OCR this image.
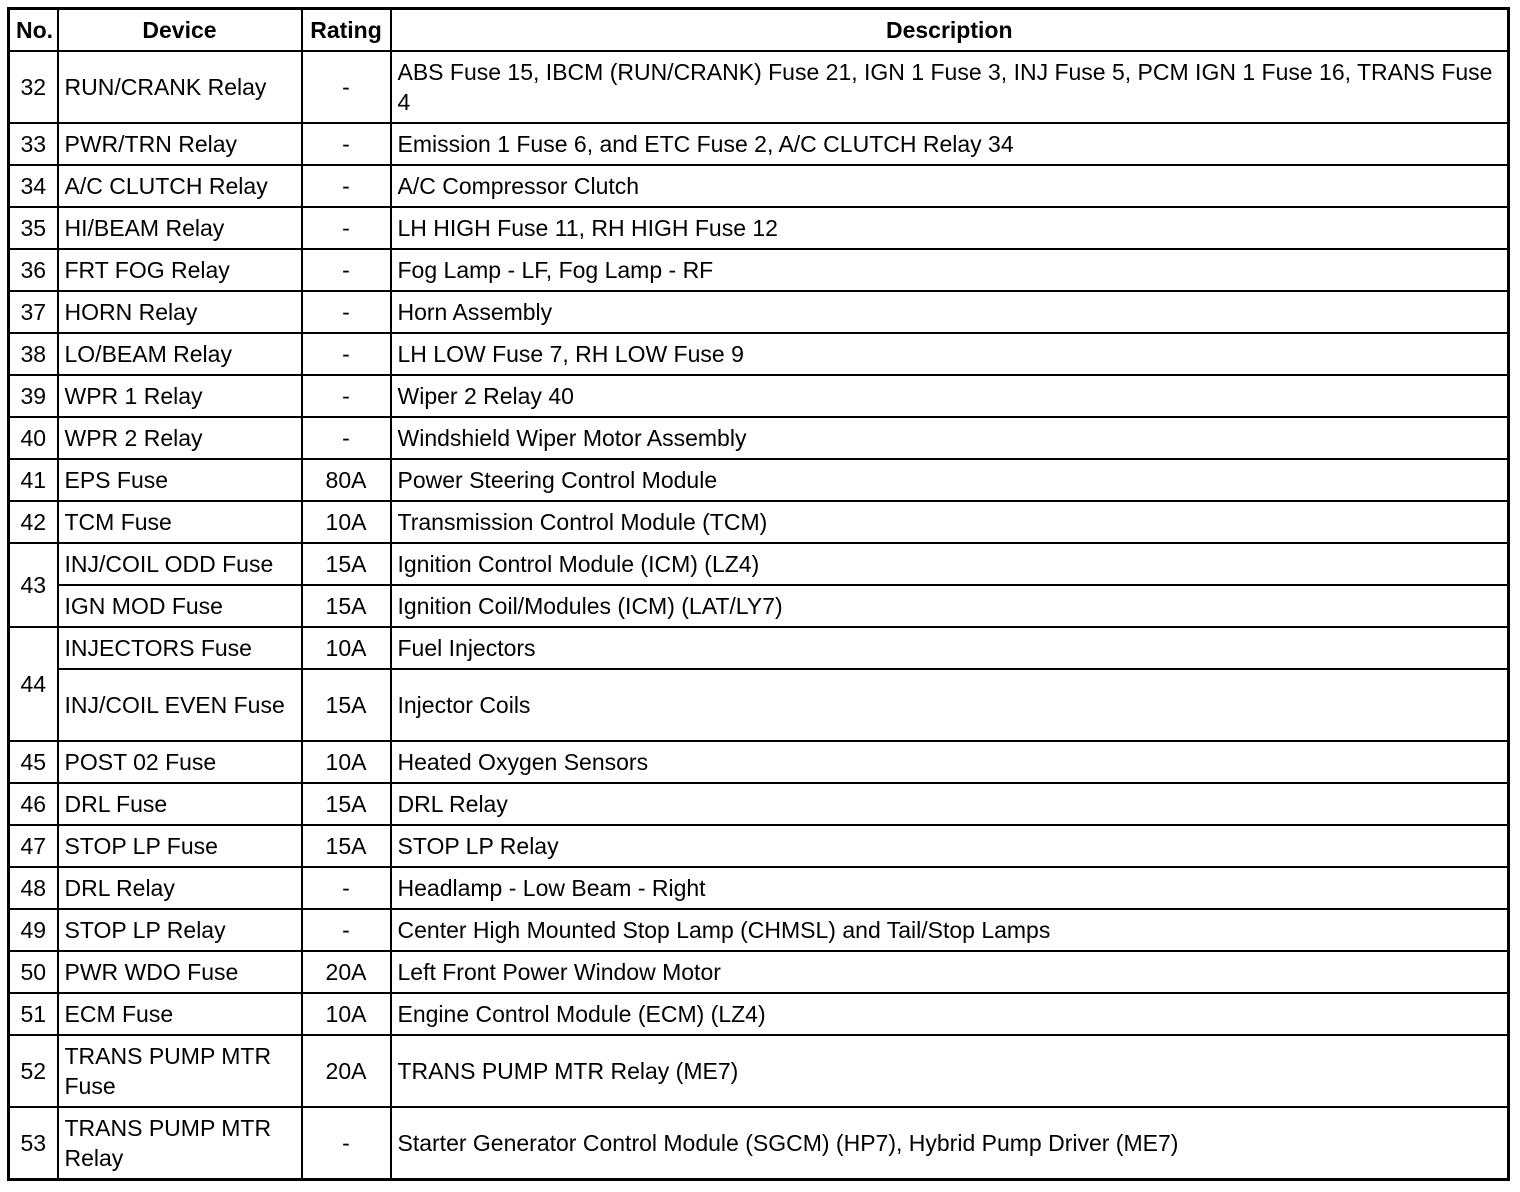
No.	Device	Rating	Description
32	RUN/CRANK Relay	-	ABS Fuse 15, IBCM (RUN/CRANK) Fuse 21, IGN 1 Fuse 3, INJ Fuse 5, PCM IGN 1 Fuse 16, TRANS Fuse 4
33	PWR/TRN Relay	-	Emission 1 Fuse 6, and ETC Fuse 2, A/C CLUTCH Relay 34
34	A/C CLUTCH Relay	-	A/C Compressor Clutch
35	HI/BEAM Relay	-	LH HIGH Fuse 11, RH HIGH Fuse 12
36	FRT FOG Relay	-	Fog Lamp - LF, Fog Lamp - RF
37	HORN Relay	-	Horn Assembly
38	LO/BEAM Relay	-	LH LOW Fuse 7, RH LOW Fuse 9
39	WPR 1 Relay	-	Wiper 2 Relay 40
40	WPR 2 Relay	-	Windshield Wiper Motor Assembly
41	EPS Fuse	80A	Power Steering Control Module
42	TCM Fuse	10A	Transmission Control Module (TCM)
43	INJ/COIL ODD Fuse	15A	Ignition Control Module (ICM) (LZ4)
	IGN MOD Fuse	15A	Ignition Coil/Modules (ICM) (LAT/LY7)
44	INJECTORS Fuse	10A	Fuel Injectors
	INJ/COIL EVEN Fuse	15A	Injector Coils
45	POST 02 Fuse	10A	Heated Oxygen Sensors
46	DRL Fuse	15A	DRL Relay
47	STOP LP Fuse	15A	STOP LP Relay
48	DRL Relay	-	Headlamp - Low Beam - Right
49	STOP LP Relay	-	Center High Mounted Stop Lamp (CHMSL) and Tail/Stop Lamps
50	PWR WDO Fuse	20A	Left Front Power Window Motor
51	ECM Fuse	10A	Engine Control Module (ECM) (LZ4)
52	TRANS PUMP MTR Fuse	20A	TRANS PUMP MTR Relay (ME7)
53	TRANS PUMP MTR Relay	-	Starter Generator Control Module (SGCM) (HP7), Hybrid Pump Driver (ME7)
